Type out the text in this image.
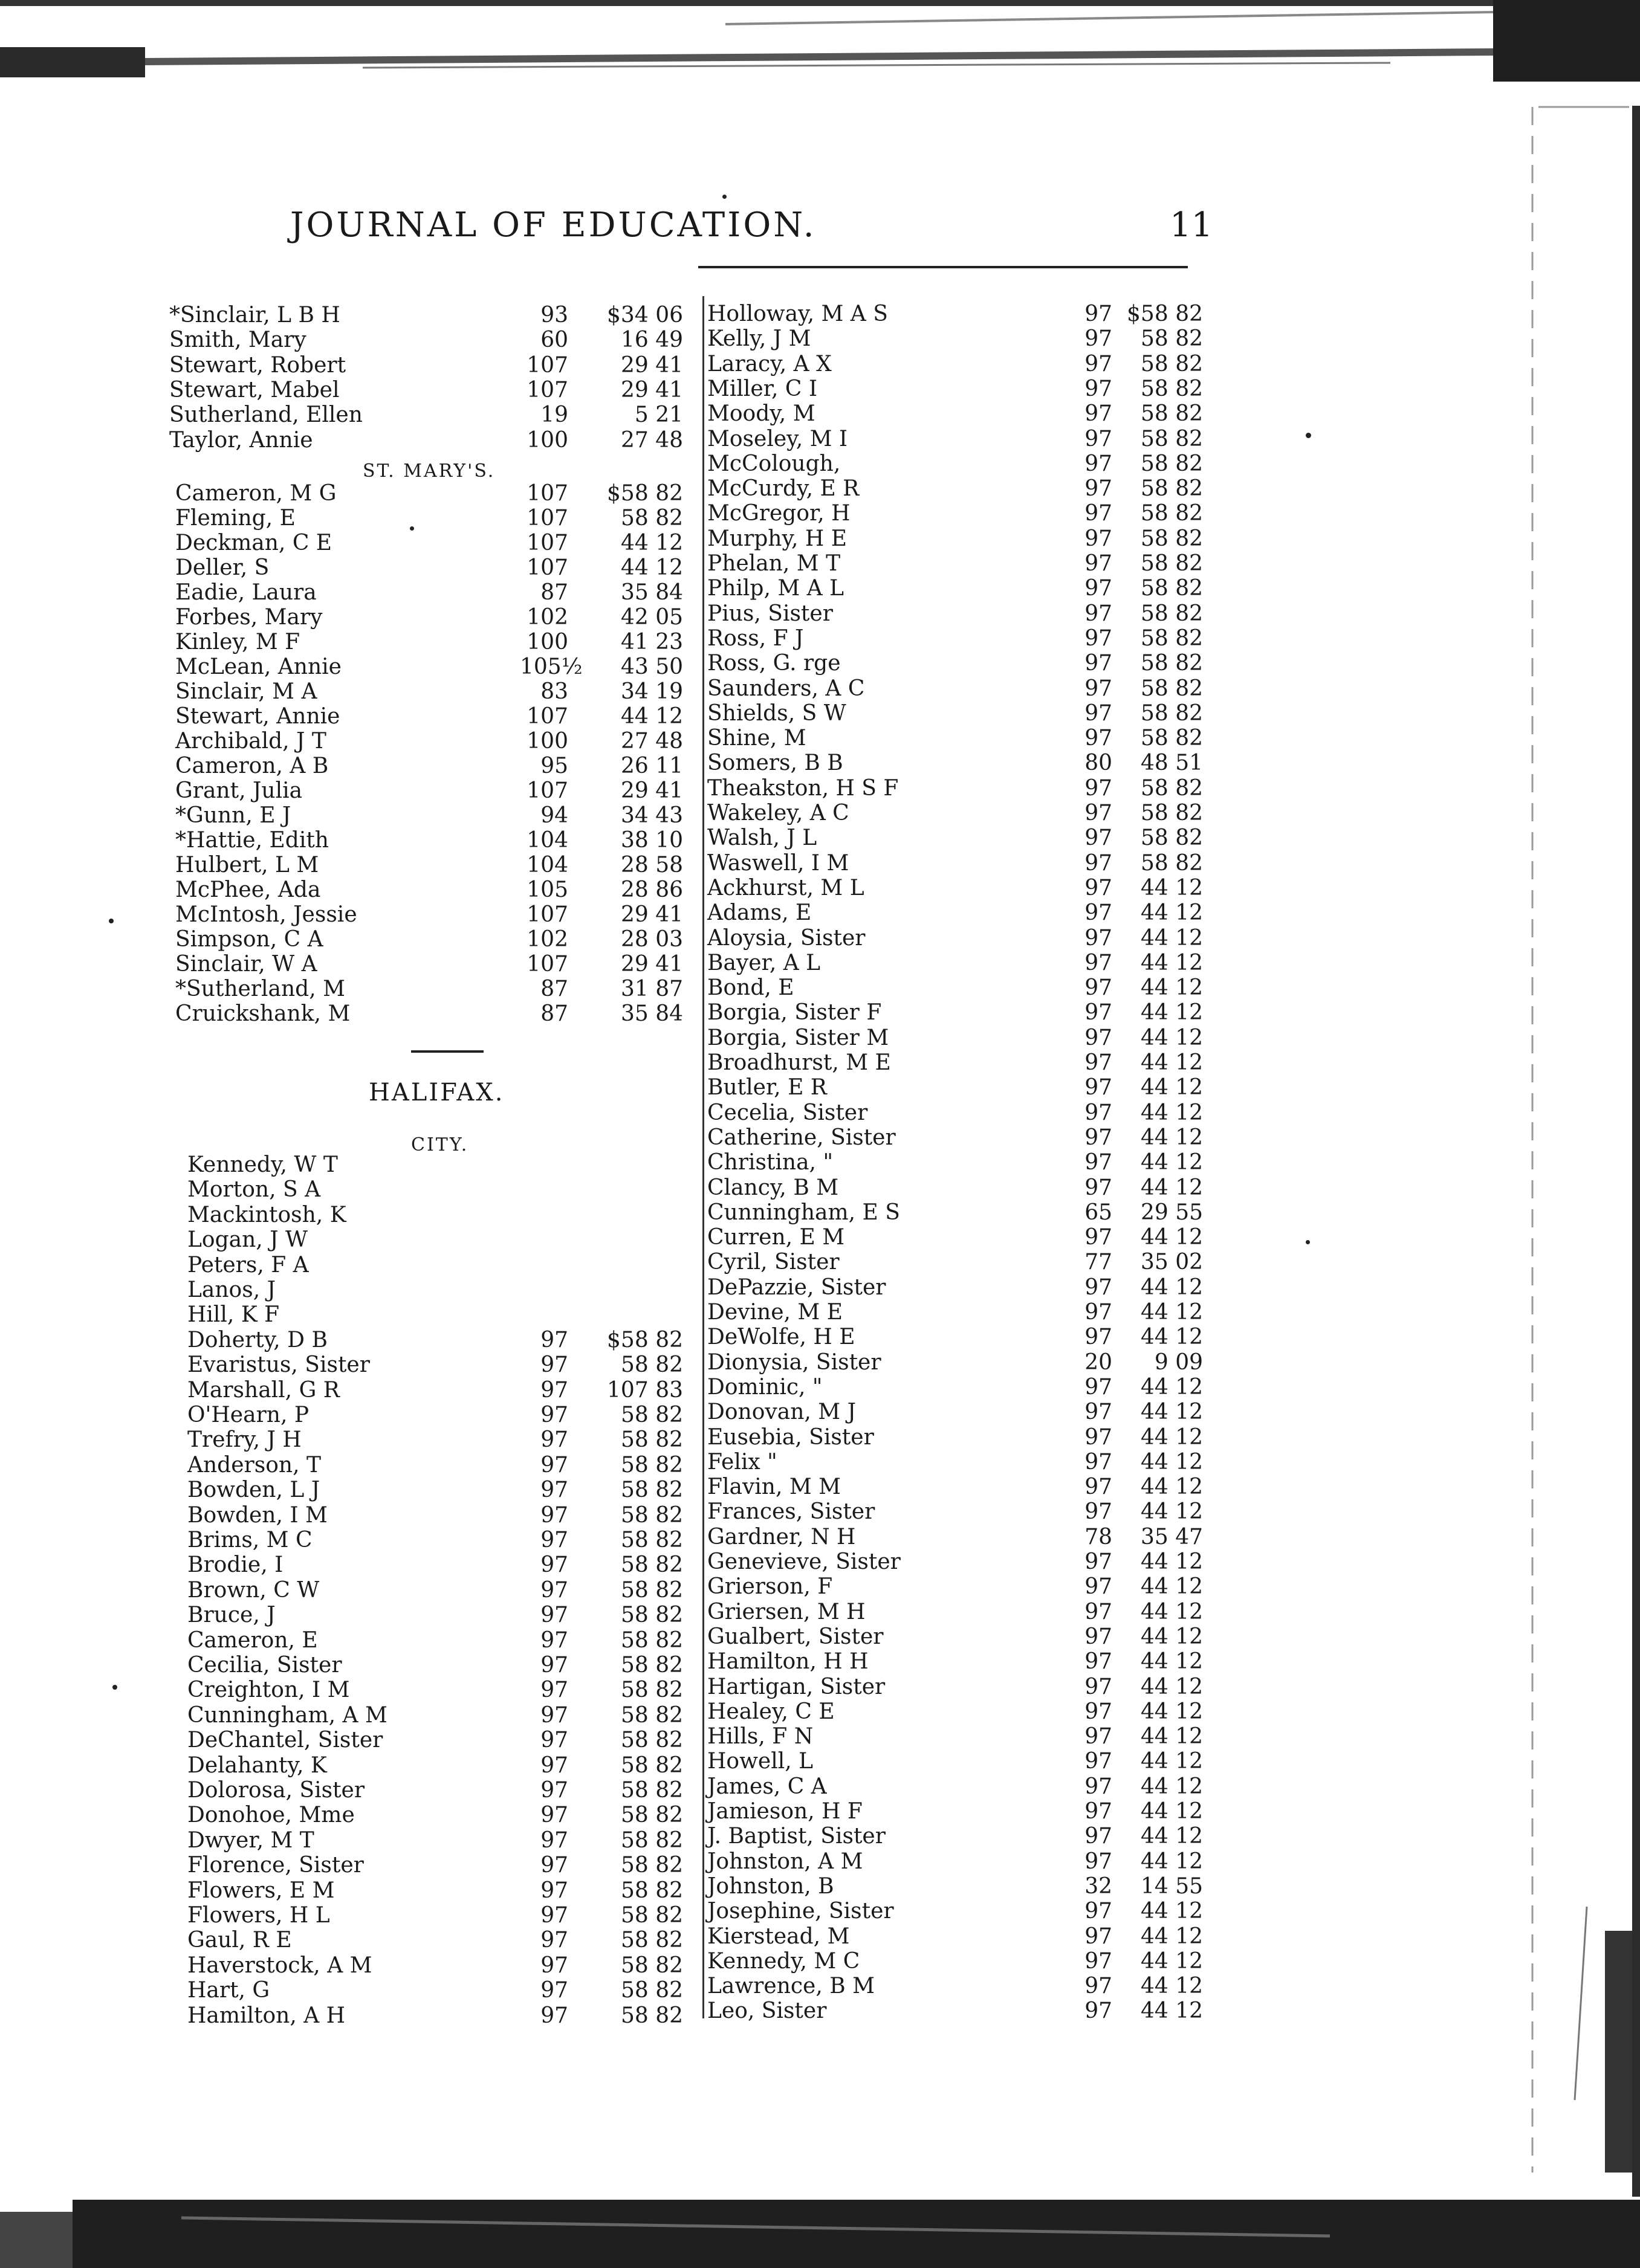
JOURNAL OF EDUCATION.	11
ST. MARY'S.
HALIFAX.
CITY.
*Sinclair, L B H	93	$34 06
Smith, Mary	60	16 49
Stewart, Robert	107	29 41
Stewart, Mabel	107	29 41
Sutherland, Ellen	19	5 21
Taylor, Annie	100	27 48
Cameron, M G	107	$58 82
Fleming, E	107	58 82
Deckman, C E	107	44 12
Deller, S	107	44 12
Eadie, Laura	87	35 84
Forbes, Mary	102	42 05
Kinley, M F	100	41 23
McLean, Annie	105½	43 50
Sinclair, M A	83	34 19
Stewart, Annie	107	44 12
Archibald, J T	100	27 48
Cameron, A B	95	26 11
Grant, Julia	107	29 41
*Gunn, E J	94	34 43
*Hattie, Edith	104	38 10
Hulbert, L M	104	28 58
McPhee, Ada	105	28 86
McIntosh, Jessie	107	29 41
Simpson, C A	102	28 03
Sinclair, W A	107	29 41
*Sutherland, M	87	31 87
Cruickshank, M	87	35 84
Kennedy, W T
Morton, S A
Mackintosh, K
Logan, J W
Peters, F A
Lanos, J
Hill, K F
Doherty, D B	97	$58 82
Evaristus, Sister	97	58 82
Marshall, G R	97	107 83
O'Hearn, P	97	58 82
Trefry, J H	97	58 82
Anderson, T	97	58 82
Bowden, L J	97	58 82
Bowden, I M	97	58 82
Brims, M C	97	58 82
Brodie, I	97	58 82
Brown, C W	97	58 82
Bruce, J	97	58 82
Cameron, E	97	58 82
Cecilia, Sister	97	58 82
Creighton, I M	97	58 82
Cunningham, A M	97	58 82
DeChantel, Sister	97	58 82
Delahanty, K	97	58 82
Dolorosa, Sister	97	58 82
Donohoe, Mme	97	58 82
Dwyer, M T	97	58 82
Florence, Sister	97	58 82
Flowers, E M	97	58 82
Flowers, H L	97	58 82
Gaul, R E	97	58 82
Haverstock, A M	97	58 82
Hart, G	97	58 82
Hamilton, A H	97	58 82
Holloway, M A S	97 $58 82
Kelly, J M	97	58 82
Laracy, A X	97	58 82
Miller, C I	97	58 82
Moody, M	97	58 82
Moseley, M I	97	58 82
McColough,	97	58 82
McCurdy, E R	97	58 82
McGregor, H	97	58 82
Murphy, H E	97	58 82
Phelan, M T	97	58 82
Philp, M A L	97	58 82
Pius, Sister	97	58 82
Ross, F J	97	58 82
Ross, G. rge	97	58 82
Saunders, A C	97	58 82
Shields, S W	97	58 82
Shine, M	97	58 82
Somers, B B	80	48 51
Theakston, H S F	97	58 82
Wakeley, A C	97	58 82
Walsh, J L	97	58 82
Waswell, I M	97	58 82
Ackhurst, M L	97	44 12
Adams, E	97	44 12
Aloysia, Sister	97	44 12
Bayer, A L	97	44 12
Bond, E	97	44 12
Borgia, Sister F	97	44 12
Borgia, Sister M	97	44 12
Broadhurst, M E	97	44 12
Butler, E R	97	44 12
Cecelia, Sister	97	44 12
Catherine, Sister	97	44 12
Christina, "	97	44 12
Clancy, B M	97	44 12
Cunningham, E S	65	29 55
Curren, E M	97	44 12
Cyril, Sister	77	35 02
DePazzie, Sister	97	44 12
Devine, M E	97	44 12
DeWolfe, H E	97	44 12
Dionysia, Sister	20	9 09
Dominic, "	97	44 12
Donovan, M J	97	44 12
Eusebia, Sister	97	44 12
Felix "	97	44 12
Flavin, M M	97	44 12
Frances, Sister	97	44 12
Gardner, N H	78	35 47
Genevieve, Sister	97	44 12
Grierson, F	97	44 12
Griersen, M H	97	44 12
Gualbert, Sister	97	44 12
Hamilton, H H	97	44 12
Hartigan, Sister	97	44 12
Healey, C E	97	44 12
Hills, F N	97	44 12
Howell, L	97	44 12
James, C A	97	44 12
Jamieson, H F	97	44 12
J. Baptist, Sister	97	44 12
Johnston, A M	97	44 12
Johnston, B	32	14 55
Josephine, Sister	97	44 12
Kierstead, M	97	44 12
Kennedy, M C	97	44 12
Lawrence, B M	97	44 12
Leo, Sister	97	44 12
